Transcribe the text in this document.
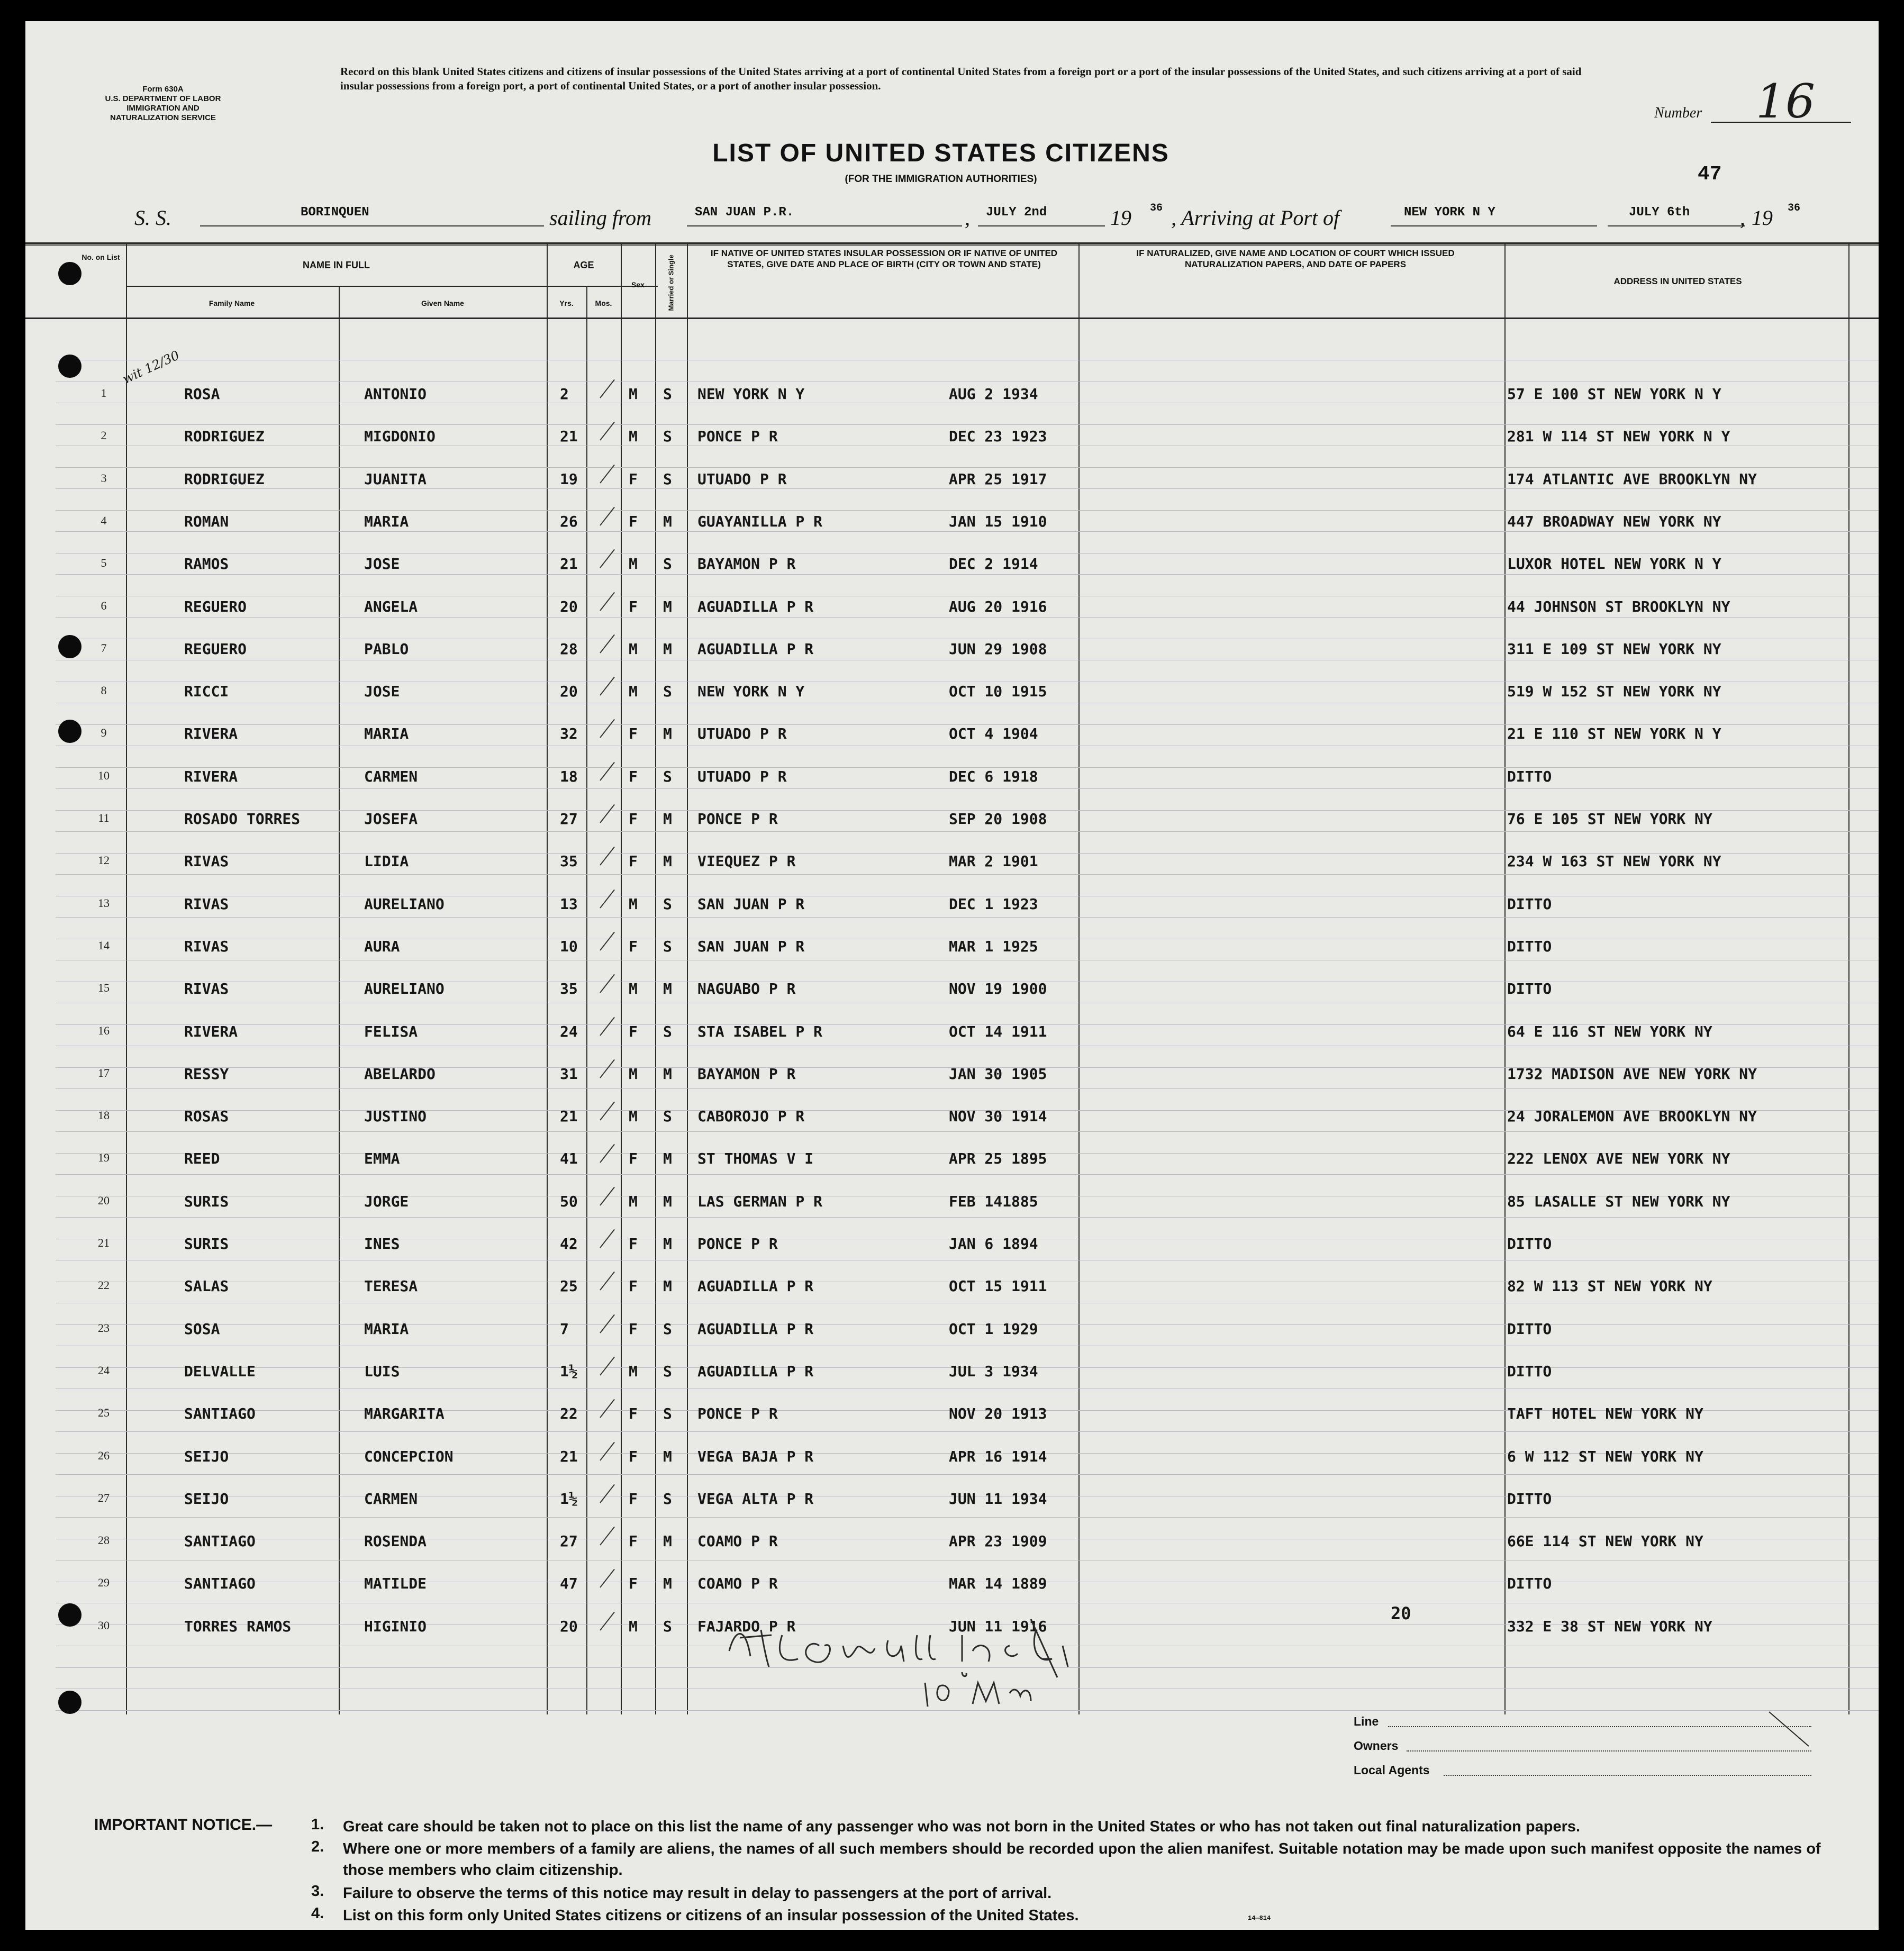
Form 630A
U.S. DEPARTMENT OF LABOR
IMMIGRATION AND
NATURALIZATION SERVICE
Record on this blank United States citizens and citizens of insular possessions of the United States arriving at a port of continental United States from a foreign port or a port of the insular possessions of the United States, and such citizens arriving at a port of said insular possessions from a foreign port, a port of continental United States, or a port of another insular possession.
Number 16
LIST OF UNITED STATES CITIZENS
(FOR THE IMMIGRATION AUTHORITIES)	47
S. S.	BORINQUEN	sailing from	SAN JUAN P.R.	, JULY 2nd	19 36 , Arriving at Port of	NEW YORK N Y	JULY 6th , 19 36
No. on List
NAME IN FULL
Family Name	Given Name
AGE
Yrs.	Mos.
Sex	Married or Single
IF NATIVE OF UNITED STATES INSULAR POSSESSION OR IF NATIVE OF UNITED STATES, GIVE DATE AND PLACE OF BIRTH (CITY OR TOWN AND STATE)
IF NATURALIZED, GIVE NAME AND LOCATION OF COURT WHICH ISSUED NATURALIZATION PAPERS, AND DATE OF PAPERS
ADDRESS IN UNITED STATES
1	ROSA	ANTONIO	2	M S NEW YORK N Y	AUG 2 1934	57 E 100 ST NEW YORK N Y
2	RODRIGUEZ	MIGDONIO	21	M S PONCE P R	DEC 23 1923	281 W 114 ST NEW YORK N Y
3	RODRIGUEZ	JUANITA	19	F S UTUADO P R	APR 25 1917	174 ATLANTIC AVE BROOKLYN NY
4	ROMAN	MARIA	26	F M GUAYANILLA P R	JAN 15 1910	447 BROADWAY NEW YORK NY
5	RAMOS	JOSE	21	M S BAYAMON P R	DEC 2 1914	LUXOR HOTEL NEW YORK N Y
6	REGUERO	ANGELA	20	F M AGUADILLA P R	AUG 20 1916	44 JOHNSON ST BROOKLYN NY
7	REGUERO	PABLO	28	M M AGUADILLA P R	JUN 29 1908	311 E 109 ST NEW YORK NY
8	RICCI	JOSE	20	M S NEW YORK N Y	OCT 10 1915	519 W 152 ST NEW YORK NY
9	RIVERA	MARIA	32	F M UTUADO P R	OCT 4 1904	21 E 110 ST NEW YORK N Y
10	RIVERA	CARMEN	18	F S UTUADO P R	DEC 6 1918	DITTO
11	ROSADO TORRES	JOSEFA	27	F M PONCE P R	SEP 20 1908	76 E 105 ST NEW YORK NY
12	RIVAS	LIDIA	35	F M VIEQUEZ P R	MAR 2 1901	234 W 163 ST NEW YORK NY
13	RIVAS	AURELIANO	13	M S SAN JUAN P R	DEC 1 1923	DITTO
14	RIVAS	AURA	10	F S SAN JUAN P R	MAR 1 1925	DITTO
15	RIVAS	AURELIANO	35	M M NAGUABO P R	NOV 19 1900	DITTO
16	RIVERA	FELISA	24	F S STA ISABEL P R	OCT 14 1911	64 E 116 ST NEW YORK NY
17	RESSY	ABELARDO	31	M M BAYAMON P R	JAN 30 1905	1732 MADISON AVE NEW YORK NY
18	ROSAS	JUSTINO	21	M S CABOROJO P R	NOV 30 1914	24 JORALEMON AVE BROOKLYN NY
19	REED	EMMA	41	F M ST THOMAS V I	APR 25 1895	222 LENOX AVE NEW YORK NY
20	SURIS	JORGE	50	M M LAS GERMAN P R	FEB 141885	85 LASALLE ST NEW YORK NY
21	SURIS	INES	42	F M PONCE P R	JAN 6 1894	DITTO
22	SALAS	TERESA	25	F M AGUADILLA P R	OCT 15 1911	82 W 113 ST NEW YORK NY
23	SOSA	MARIA	7	F S AGUADILLA P R	OCT 1 1929	DITTO
24	DELVALLE	LUIS	1½	M S AGUADILLA P R	JUL 3 1934	DITTO
25	SANTIAGO	MARGARITA	22	F S PONCE P R	NOV 20 1913	TAFT HOTEL NEW YORK NY
26	SEIJO	CONCEPCION	21	F M VEGA BAJA P R	APR 16 1914	6 W 112 ST NEW YORK NY
27	SEIJO	CARMEN	1½	F S VEGA ALTA P R	JUN 11 1934	DITTO
28	SANTIAGO	ROSENDA	27	F M COAMO P R	APR 23 1909	66E 114 ST NEW YORK NY
29	SANTIAGO	MATILDE	47	F M COAMO P R	MAR 14 1889	DITTO
30	TORRES RAMOS	HIGINIO	20	M S FAJARDO P R	JUN 11 1916	332 E 38 ST NEW YORK NY
wit 12/30
20
Line
Owners
Local Agents
IMPORTANT NOTICE.—	1. Great care should be taken not to place on this list the name of any passenger who was not born in the United States or who has not taken out final naturalization papers.
2. Where one or more members of a family are aliens, the names of all such members should be recorded upon the alien manifest. Suitable notation may be made upon such manifest opposite the names of those members who claim citizenship.
3. Failure to observe the terms of this notice may result in delay to passengers at the port of arrival.
4. List on this form only United States citizens or citizens of an insular possession of the United States.	14—814
